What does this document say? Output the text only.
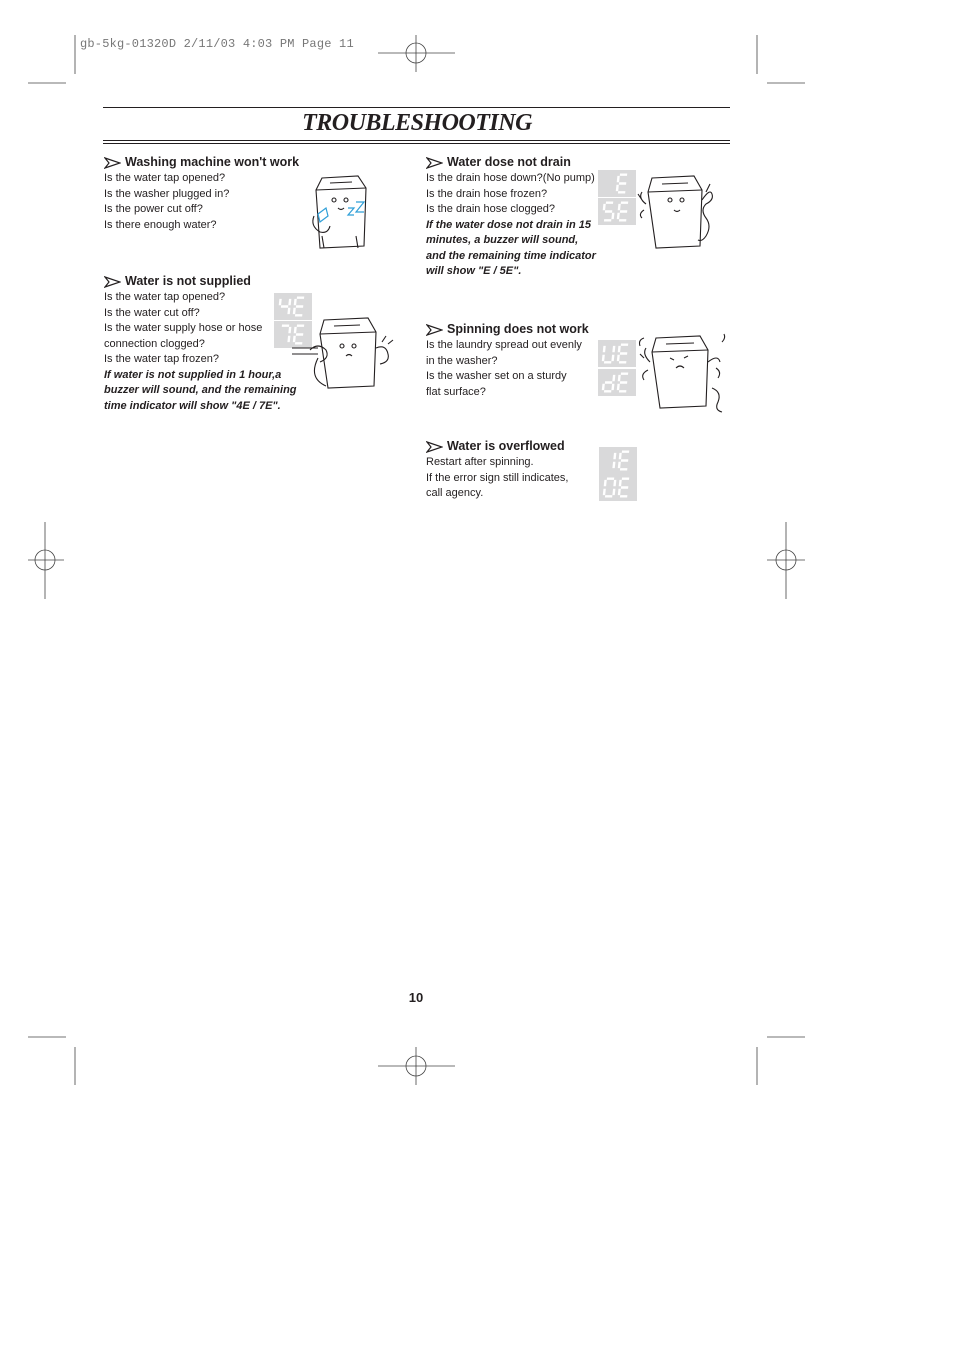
gb-5kg-01320D 2/11/03 4:03 PM Page 11
TROUBLESHOOTING
Washing machine won't work
Is the water tap opened?
Is the washer plugged in?
Is the power cut off?
Is there enough water?
Water is not supplied
Is the water tap opened?
Is the water cut off?
Is the water supply hose or hose
connection clogged?
Is the water tap frozen?
If water is not supplied in 1 hour,a
buzzer will sound, and the remaining
time indicator will show "4E / 7E".
Water dose not drain
Is the drain hose down?(No pump)
Is the drain hose frozen?
Is the drain hose clogged?
If the water dose not drain in 15
minutes, a buzzer will sound,
and the remaining time indicator
will show "E / 5E".
Spinning does not work
Is the laundry spread out evenly
in the washer?
Is the washer set on a sturdy
flat surface?
Water is overflowed
Restart after spinning.
If the error sign still indicates,
call agency.
10
